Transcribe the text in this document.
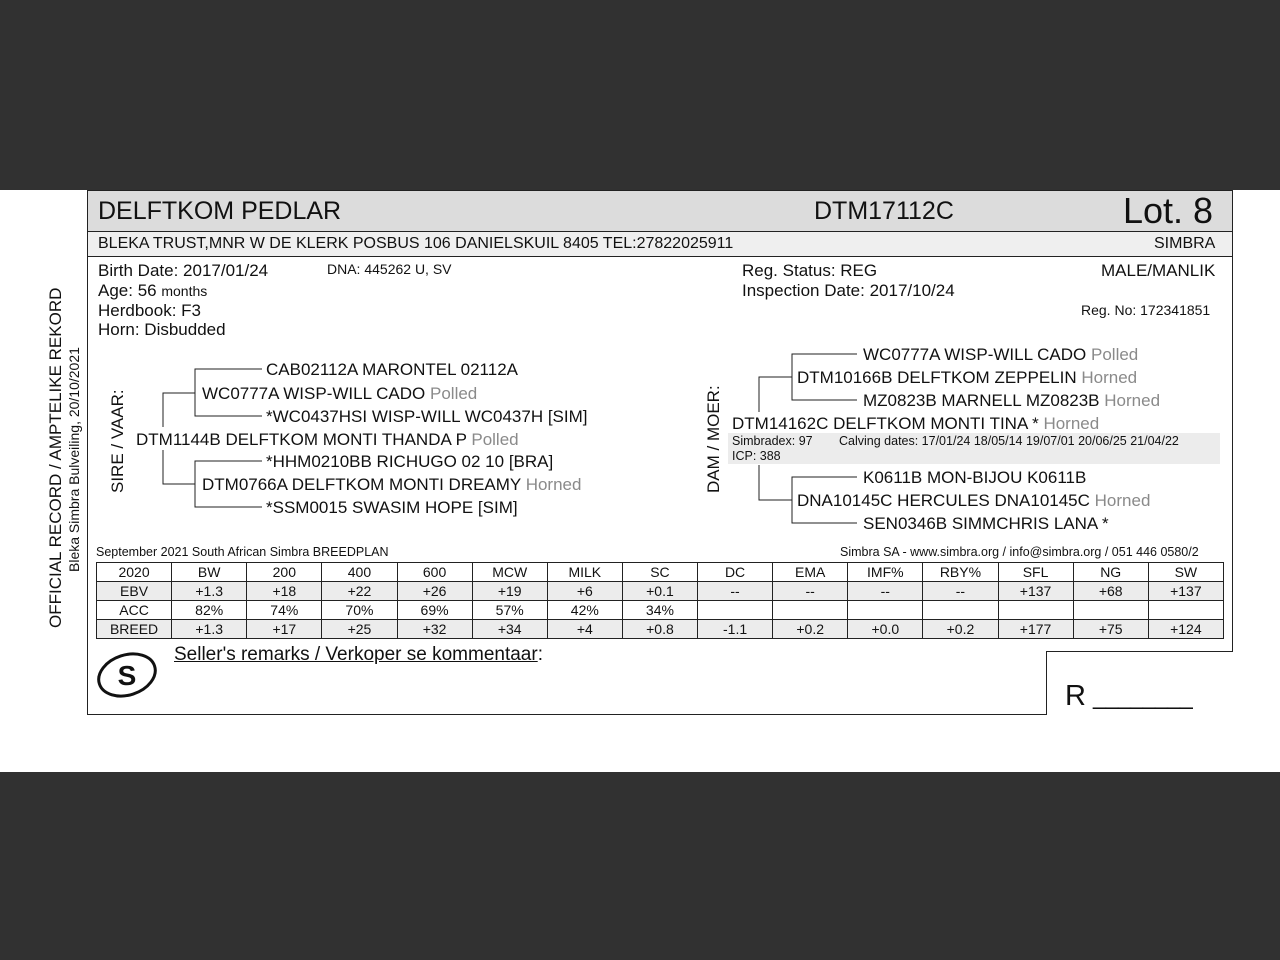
DELFTKOM PEDLAR	DTM17112C	Lot. 8
BLEKA TRUST,MNR W DE KLERK POSBUS 106 DANIELSKUIL 8405 TEL:27822025911	SIMBRA
Birth Date: 2017/01/24	DNA: 445262 U, SV
Age: 56 months
Herdbook: F3
Horn: Disbudded
Reg. Status: REG
Inspection Date: 2017/10/24
MALE/MANLIK
Reg. No: 172341851
OFFICIAL RECORD / AMPTELIKE REKORD Bleka Simbra Bulveiling, 20/10/2021 SIRE / VAAR:	DAM / MOER:
CAB02112A MARONTEL 02112A
WC0777A WISP-WILL CADO Polled
*WC0437HSI WISP-WILL WC0437H [SIM]
DTM1144B DELFTKOM MONTI THANDA P Polled
*HHM0210BB RICHUGO 02 10 [BRA]
DTM0766A DELFTKOM MONTI DREAMY Horned
*SSM0015 SWASIM HOPE [SIM]
WC0777A WISP-WILL CADO Polled
DTM10166B DELFTKOM ZEPPELIN Horned
MZ0823B MARNELL MZ0823B Horned
DTM14162C DELFTKOM MONTI TINA * Horned
Simbradex: 97 Calving dates: 17/01/24 18/05/14 19/07/01 20/06/25 21/04/22
ICP: 388
K0611B MON-BIJOU K0611B
DNA10145C HERCULES DNA10145C Horned
SEN0346B SIMMCHRIS LANA *
September 2021 South African Simbra BREEDPLAN	Simbra SA - www.simbra.org / info@simbra.org / 051 446 0580/2
2020	BW	200	400	600	MCW	MILK	SC	DC	EMA	IMF%	RBY%	SFL	NG	SW
EBV	+1.3	+18	+22	+26	+19	+6	+0.1	--	--	--	--	+137	+68	+137
ACC	82%	74%	70%	69%	57%	42%	34%							
BREED	+1.3	+17	+25	+32	+34	+4	+0.8	-1.1	+0.2	+0.0	+0.2	+177	+75	+124
S
Seller's remarks / Verkoper se kommentaar:
R ________
